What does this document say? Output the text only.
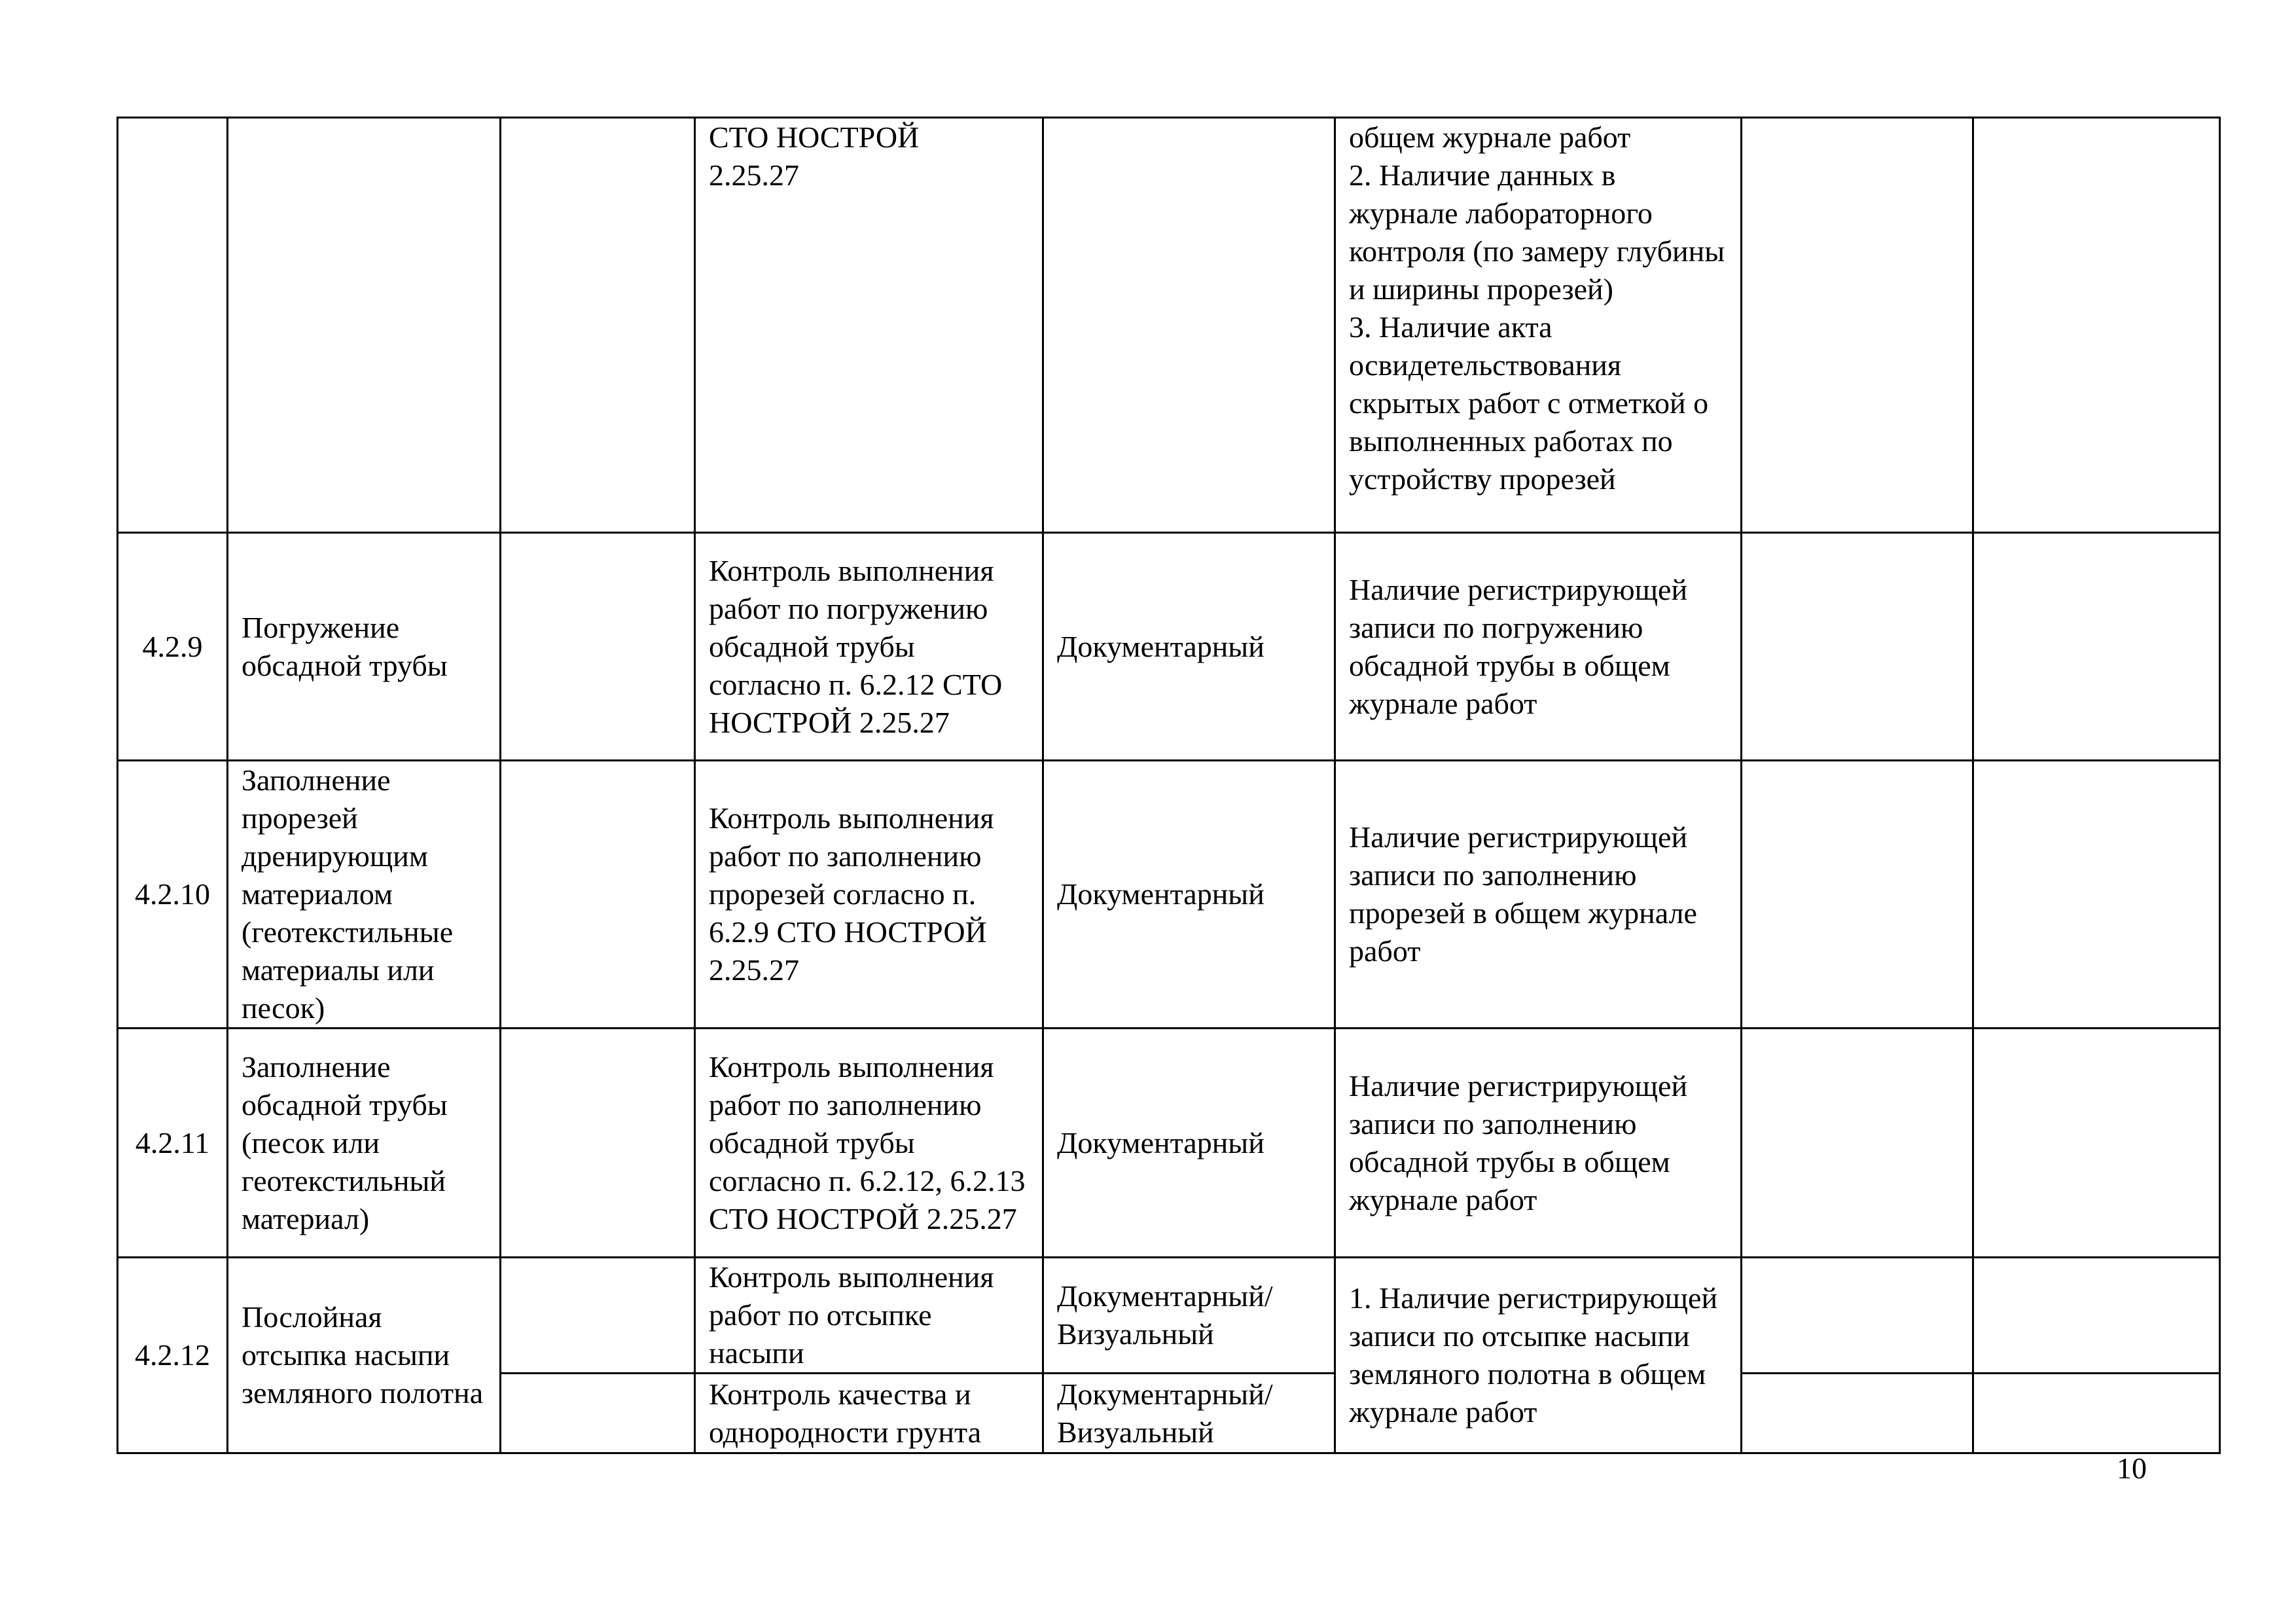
			СТО НОСТРОЙ
2.25.27		общем журнале работ
2. Наличие данных в журнале лабораторного контроля (по замеру глубины и ширины прорезей)
3. Наличие акта освидетельствования скрытых работ с отметкой о выполненных работах по устройству прорезей		
4.2.9	Погружение обсадной трубы		Контроль выполнения работ по погружению обсадной трубы согласно п. 6.2.12 СТО НОСТРОЙ 2.25.27	Документарный	Наличие регистрирующей записи по погружению обсадной трубы в общем журнале работ		
4.2.10	Заполнение прорезей дренирующим материалом (геотекстильные материалы или песок)		Контроль выполнения работ по заполнению прорезей согласно п. 6.2.9 СТО НОСТРОЙ 2.25.27	Документарный	Наличие регистрирующей записи по заполнению прорезей в общем журнале работ		
4.2.11	Заполнение обсадной трубы (песок или геотекстильный материал)		Контроль выполнения работ по заполнению обсадной трубы согласно п. 6.2.12, 6.2.13 СТО НОСТРОЙ 2.25.27	Документарный	Наличие регистрирующей записи по заполнению обсадной трубы в общем журнале работ		
4.2.12	Послойная отсыпка насыпи земляного полотна		Контроль выполнения работ по отсыпке насыпи	Документарный/ Визуальный	1. Наличие регистрирующей записи по отсыпке насыпи земляного полотна в общем журнале работ		
			Контроль качества и однородности грунта	Документарный/ Визуальный			
10
